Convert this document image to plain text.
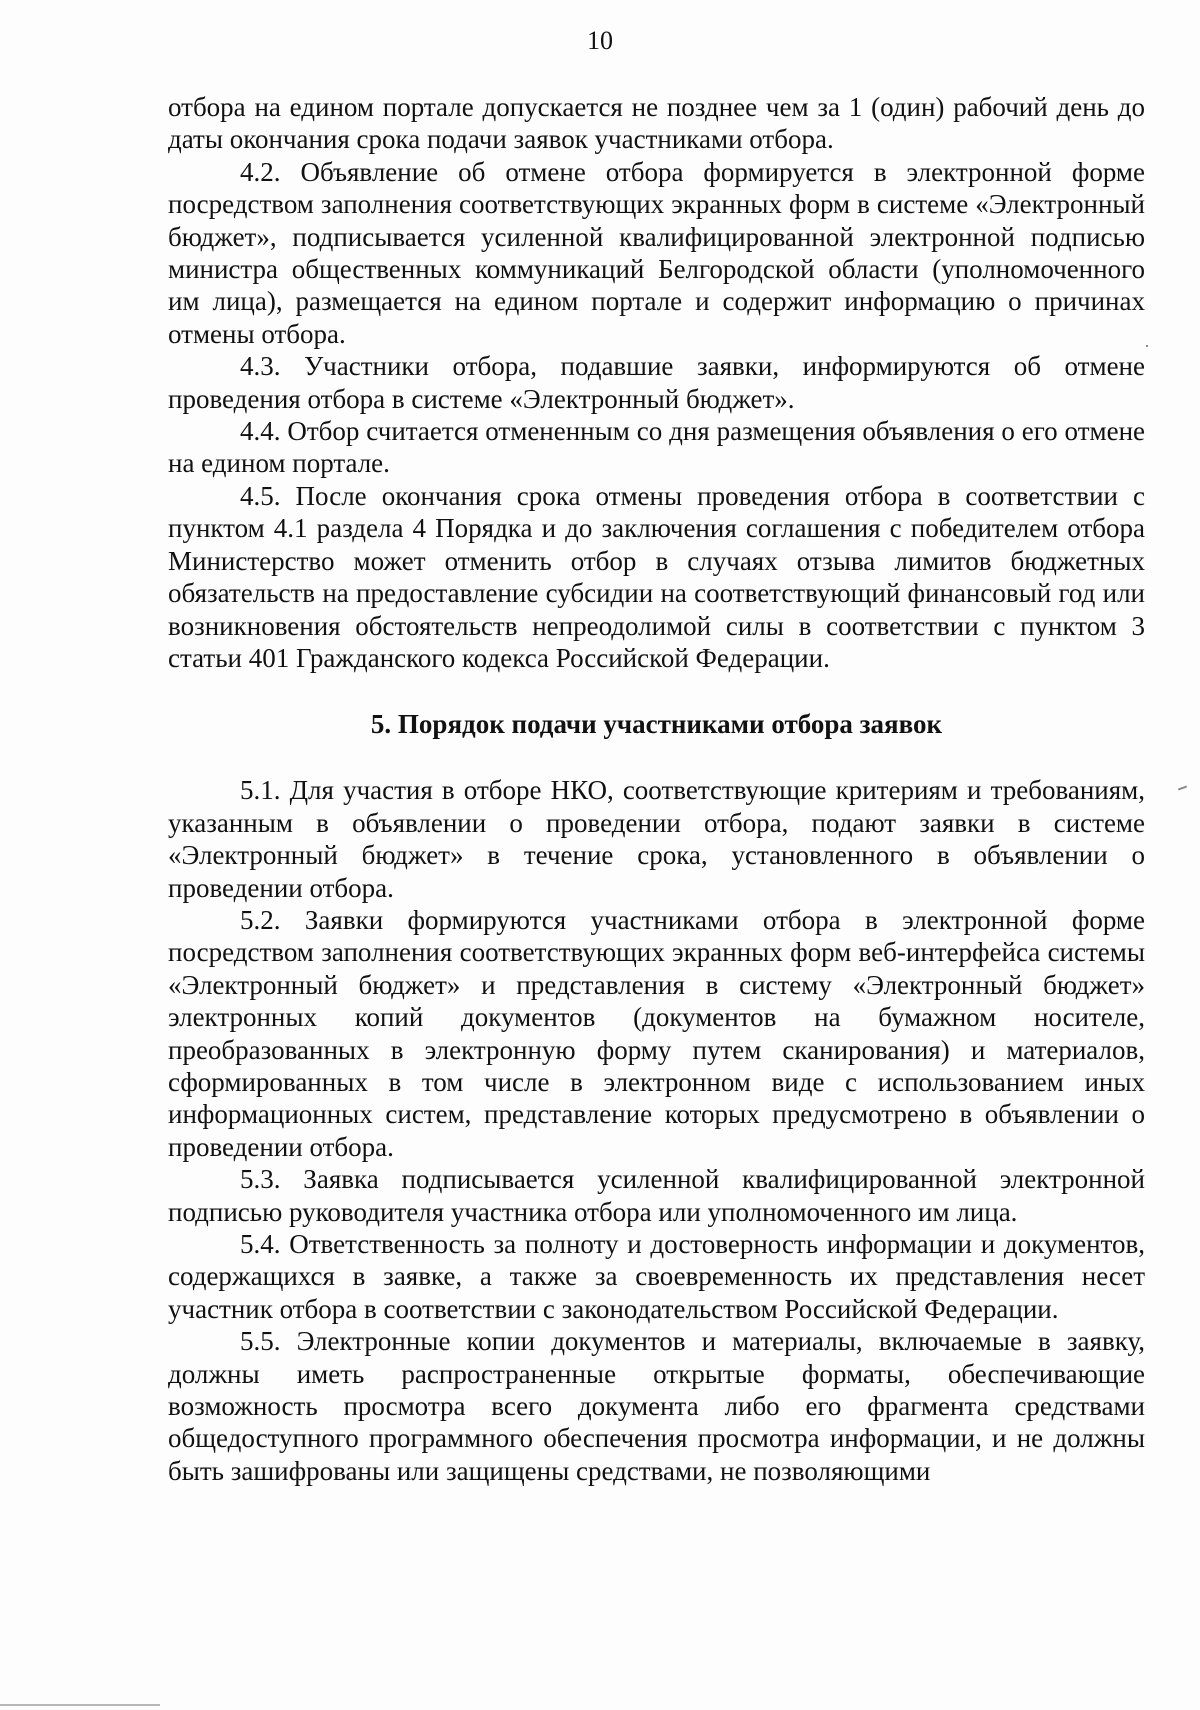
10

отбора на едином портале допускается не позднее чем за 1 (один) рабочий день до даты окончания срока подачи заявок участниками отбора.

4.2. Объявление об отмене отбора формируется в электронной форме посредством заполнения соответствующих экранных форм в системе «Электронный бюджет», подписывается усиленной квалифицированной электронной подписью министра общественных коммуникаций Белгородской области (уполномоченного им лица), размещается на едином портале и содержит информацию о причинах отмены отбора.

4.3. Участники отбора, подавшие заявки, информируются об отмене проведения отбора в системе «Электронный бюджет».

4.4. Отбор считается отмененным со дня размещения объявления о его отмене на едином портале.

4.5. После окончания срока отмены проведения отбора в соответствии с пунктом 4.1 раздела 4 Порядка и до заключения соглашения с победителем отбора Министерство может отменить отбор в случаях отзыва лимитов бюджетных обязательств на предоставление субсидии на соответствующий финансовый год или возникновения обстоятельств непреодолимой силы в соответствии с пунктом 3 статьи 401 Гражданского кодекса Российской Федерации.

5. Порядок подачи участниками отбора заявок

5.1. Для участия в отборе НКО, соответствующие критериям и требованиям, указанным в объявлении о проведении отбора, подают заявки в системе «Электронный бюджет» в течение срока, установленного в объявлении о проведении отбора.

5.2. Заявки формируются участниками отбора в электронной форме посредством заполнения соответствующих экранных форм веб-интерфейса системы «Электронный бюджет» и представления в систему «Электронный бюджет» электронных копий документов (документов на бумажном носителе, преобразованных в электронную форму путем сканирования) и материалов, сформированных в том числе в электронном виде с использованием иных информационных систем, представление которых предусмотрено в объявлении о проведении отбора.

5.3. Заявка подписывается усиленной квалифицированной электронной подписью руководителя участника отбора или уполномоченного им лица.

5.4. Ответственность за полноту и достоверность информации и документов, содержащихся в заявке, а также за своевременность их представления несет участник отбора в соответствии с законодательством Российской Федерации.

5.5. Электронные копии документов и материалы, включаемые в заявку, должны иметь распространенные открытые форматы, обеспечивающие возможность просмотра всего документа либо его фрагмента средствами общедоступного программного обеспечения просмотра информации, и не должны быть зашифрованы или защищены средствами, не позволяющими
